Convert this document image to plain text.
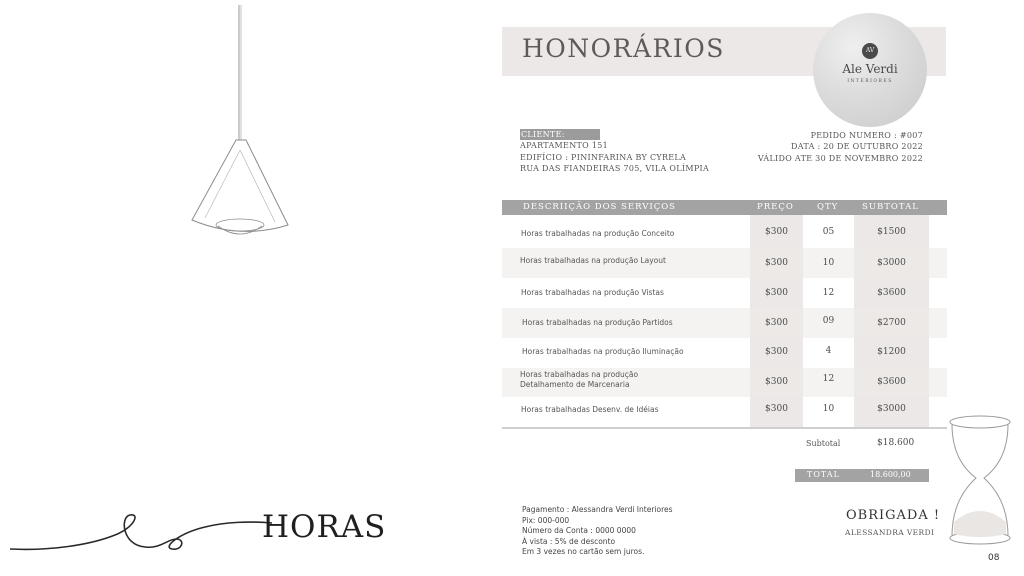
HORAS
HONORÁRIOS	AV
Ale Verdi
INTERIORES
CLIENTE:
APARTAMENTO 151
EDIFÍCIO : PININFARINA BY CYRELA
RUA DAS FIANDEIRAS 705, VILA OLÍMPIA
PEDIDO NUMERO : #007
DATA : 20 DE OUTUBRO 2022
VÁLIDO ATE 30 DE NOVEMBRO 2022
DESCRIIÇÃO DOS SERVIÇOS	PREÇO	QTY	SUBTOTAL
Horas trabalhadas na produção Conceito	$300	05	$1500
Horas trabalhadas na produção Layout	$300	10	$3000
Horas trabalhadas na produção Vistas	$300	12	$3600
Horas trabalhadas na produção Partidos	$300	09	$2700
Horas trabalhadas na produção Iluminação	$300	4	$1200
Horas trabalhadas na produção
Detalhamento de Marcenaria	$300	12	$3600
Horas trabalhadas Desenv. de Idéias	$300	10	$3000
Subtotal	$18.600
TOTAL	18.600,00
Pagamento : Alessandra Verdi Interiores
Pix: 000-000
Número da Conta : 0000 0000
À vista : 5% de desconto
Em 3 vezes no cartão sem juros.
OBRIGADA !
ALESSANDRA VERDI
08
